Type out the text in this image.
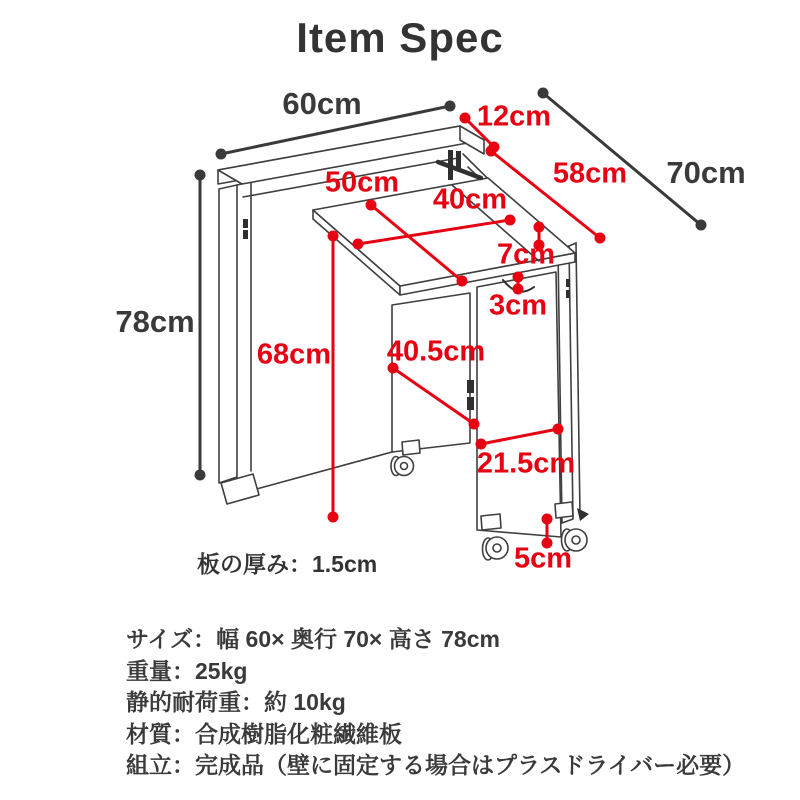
Item Spec
60cm
70cm
78cm
12cm
58cm
50cm
40cm
7cm
3cm
68cm 40.5cm
21.5cm
5cm
板の厚み：1.5cm
サイズ：幅 60× 奥行 70× 高さ 78cm
重量：25kg
静的耐荷重：約 10kg
材質：合成樹脂化粧繊維板
組立：完成品（壁に固定する場合はプラスドライバー必要）
